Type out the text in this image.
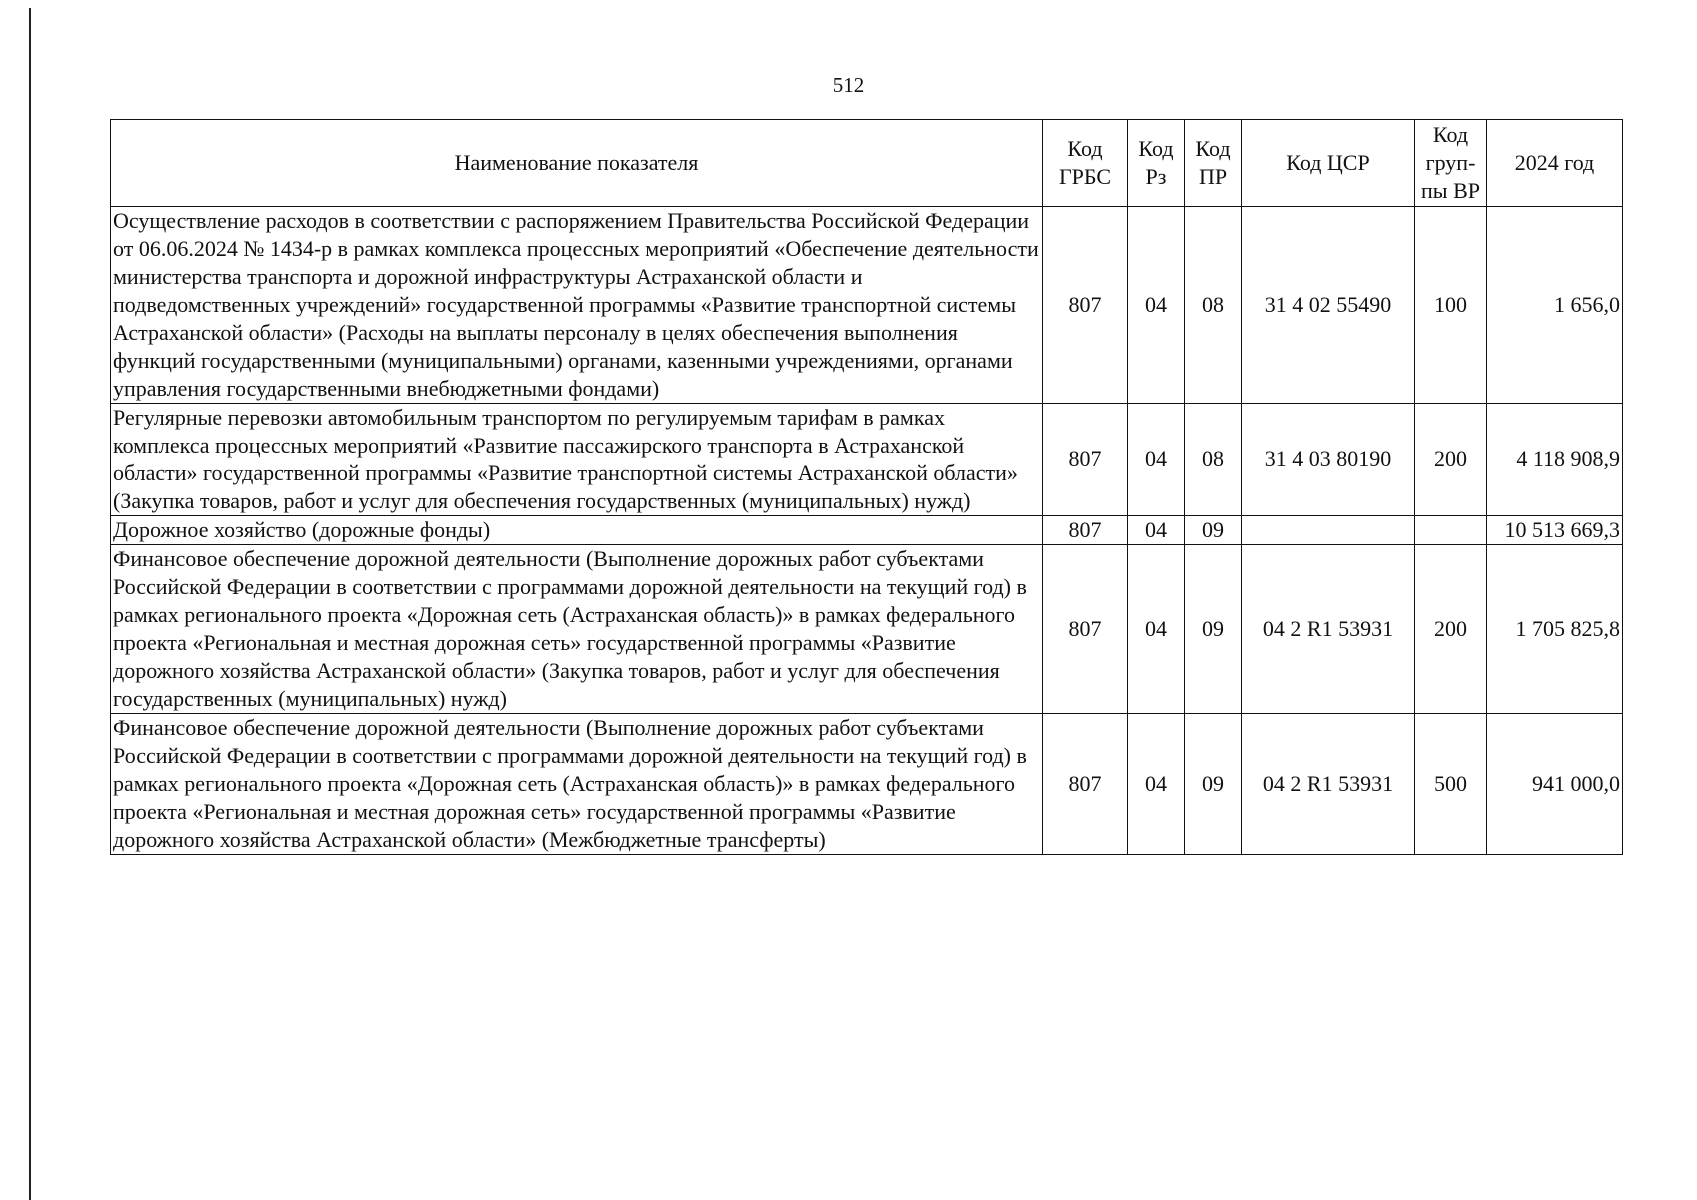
512
Наименование показателя	Код ГРБС	Код Рз	Код ПР	Код ЦСР	Код груп-пы ВР	2024 год
Осуществление расходов в соответствии с распоряжением Правительства Российской Федерации от 06.06.2024 № 1434-р в рамках комплекса процессных мероприятий «Обеспечение деятельности министерства транспорта и дорожной инфраструктуры Астраханской области и подведомственных учреждений» государственной программы «Развитие транспортной системы Астраханской области» (Расходы на выплаты персоналу в целях обеспечения выполнения функций государственными (муниципальными) органами, казенными учреждениями, органами управления государственными внебюджетными фондами)	807	04	08	31 4 02 55490	100	1 656,0
Регулярные перевозки автомобильным транспортом по регулируемым тарифам в рамках комплекса процессных мероприятий «Развитие пассажирского транспорта в Астраханской области» государственной программы «Развитие транспортной системы Астраханской области» (Закупка товаров, работ и услуг для обеспечения государственных (муниципальных) нужд)	807	04	08	31 4 03 80190	200	4 118 908,9
Дорожное хозяйство (дорожные фонды)	807	04	09			10 513 669,3
Финансовое обеспечение дорожной деятельности (Выполнение дорожных работ субъектами Российской Федерации в соответствии с программами дорожной деятельности на текущий год) в рамках регионального проекта «Дорожная сеть (Астраханская область)» в рамках федерального проекта «Региональная и местная дорожная сеть» государственной программы «Развитие дорожного хозяйства Астраханской области» (Закупка товаров, работ и услуг для обеспечения государственных (муниципальных) нужд)	807	04	09	04 2 R1 53931	200	1 705 825,8
Финансовое обеспечение дорожной деятельности (Выполнение дорожных работ субъектами Российской Федерации в соответствии с программами дорожной деятельности на текущий год) в рамках регионального проекта «Дорожная сеть (Астраханская область)» в рамках федерального проекта «Региональная и местная дорожная сеть» государственной программы «Развитие дорожного хозяйства Астраханской области» (Межбюджетные трансферты)	807	04	09	04 2 R1 53931	500	941 000,0
